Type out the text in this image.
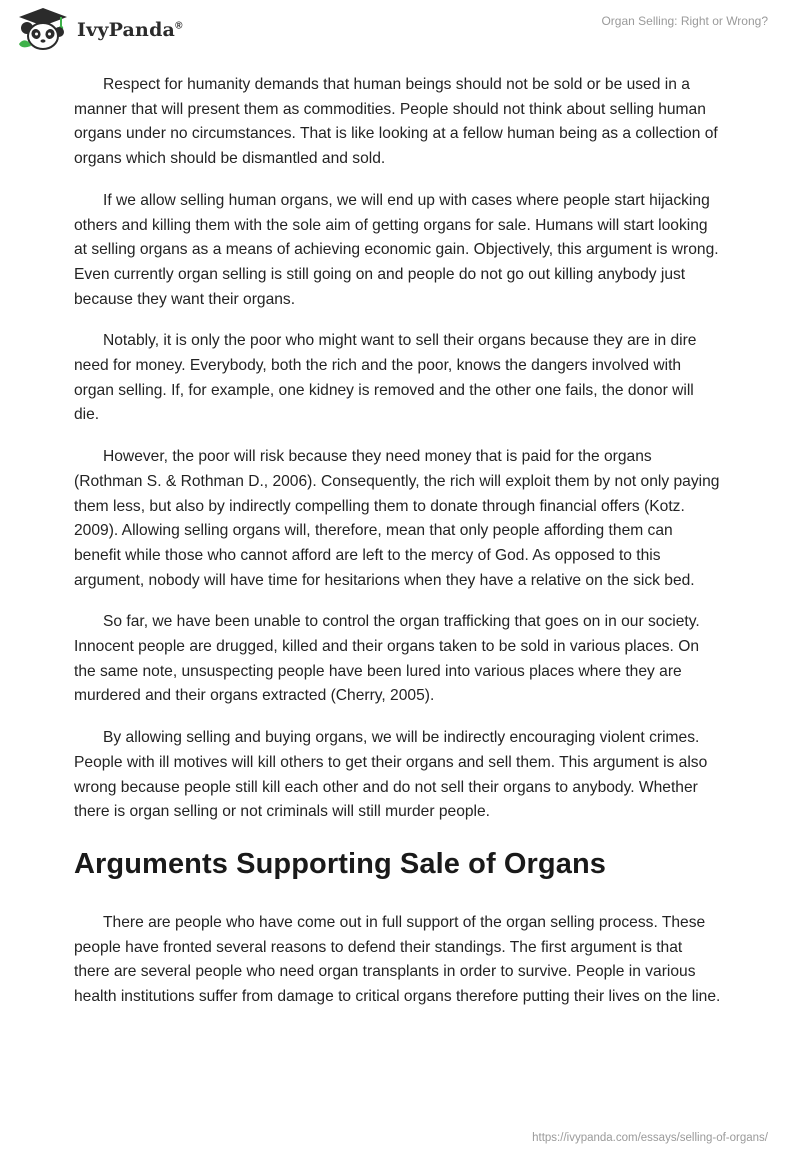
IvyPanda®	Organ Selling: Right or Wrong?

Respect for humanity demands that human beings should not be sold or be used in a manner that will present them as commodities. People should not think about selling human organs under no circumstances. That is like looking at a fellow human being as a collection of organs which should be dismantled and sold.

If we allow selling human organs, we will end up with cases where people start hijacking others and killing them with the sole aim of getting organs for sale. Humans will start looking at selling organs as a means of achieving economic gain. Objectively, this argument is wrong. Even currently organ selling is still going on and people do not go out killing anybody just because they want their organs.

Notably, it is only the poor who might want to sell their organs because they are in dire need for money. Everybody, both the rich and the poor, knows the dangers involved with organ selling. If, for example, one kidney is removed and the other one fails, the donor will die.

However, the poor will risk because they need money that is paid for the organs (Rothman S. & Rothman D., 2006). Consequently, the rich will exploit them by not only paying them less, but also by indirectly compelling them to donate through financial offers (Kotz. 2009). Allowing selling organs will, therefore, mean that only people affording them can benefit while those who cannot afford are left to the mercy of God. As opposed to this argument, nobody will have time for hesitarions when they have a relative on the sick bed.

So far, we have been unable to control the organ trafficking that goes on in our society. Innocent people are drugged, killed and their organs taken to be sold in various places. On the same note, unsuspecting people have been lured into various places where they are murdered and their organs extracted (Cherry, 2005).

By allowing selling and buying organs, we will be indirectly encouraging violent crimes. People with ill motives will kill others to get their organs and sell them. This argument is also wrong because people still kill each other and do not sell their organs to anybody. Whether there is organ selling or not criminals will still murder people.

Arguments Supporting Sale of Organs

There are people who have come out in full support of the organ selling process. These people have fronted several reasons to defend their standings. The first argument is that there are several people who need organ transplants in order to survive. People in various health institutions suffer from damage to critical organs therefore putting their lives on the line.

https://ivypanda.com/essays/selling-of-organs/
